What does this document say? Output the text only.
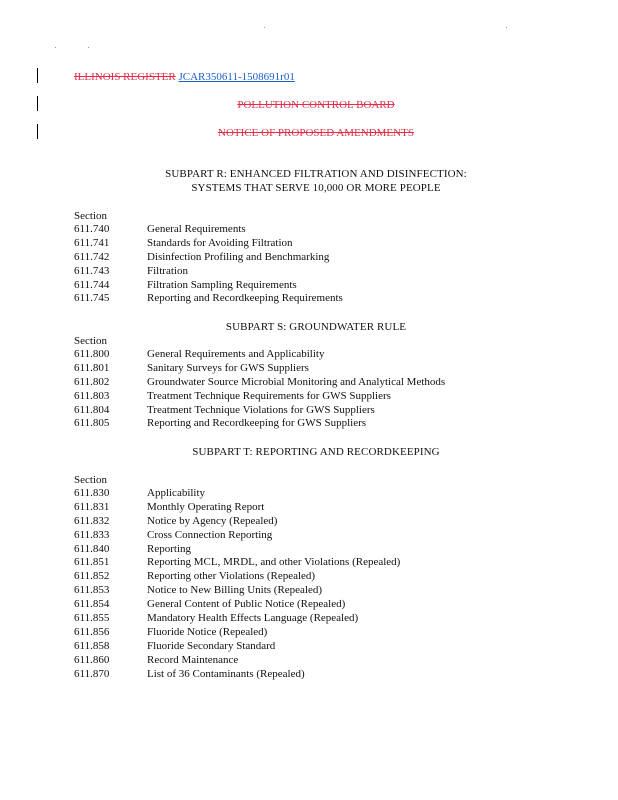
ILLINOIS REGISTER JCAR350611-1508691r01
POLLUTION CONTROL BOARD
NOTICE OF PROPOSED AMENDMENTS
SUBPART R: ENHANCED FILTRATION AND DISINFECTION:
SYSTEMS THAT SERVE 10,000 OR MORE PEOPLE
Section
611.740	General Requirements
611.741	Standards for Avoiding Filtration
611.742	Disinfection Profiling and Benchmarking
611.743	Filtration
611.744	Filtration Sampling Requirements
611.745	Reporting and Recordkeeping Requirements
SUBPART S: GROUNDWATER RULE
Section
611.800	General Requirements and Applicability
611.801	Sanitary Surveys for GWS Suppliers
611.802	Groundwater Source Microbial Monitoring and Analytical Methods
611.803	Treatment Technique Requirements for GWS Suppliers
611.804	Treatment Technique Violations for GWS Suppliers
611.805	Reporting and Recordkeeping for GWS Suppliers
SUBPART T: REPORTING AND RECORDKEEPING
Section
611.830	Applicability
611.831	Monthly Operating Report
611.832	Notice by Agency (Repealed)
611.833	Cross Connection Reporting
611.840	Reporting
611.851	Reporting MCL, MRDL, and other Violations (Repealed)
611.852	Reporting other Violations (Repealed)
611.853	Notice to New Billing Units (Repealed)
611.854	General Content of Public Notice (Repealed)
611.855	Mandatory Health Effects Language (Repealed)
611.856	Fluoride Notice (Repealed)
611.858	Fluoride Secondary Standard
611.860	Record Maintenance
611.870	List of 36 Contaminants (Repealed)
